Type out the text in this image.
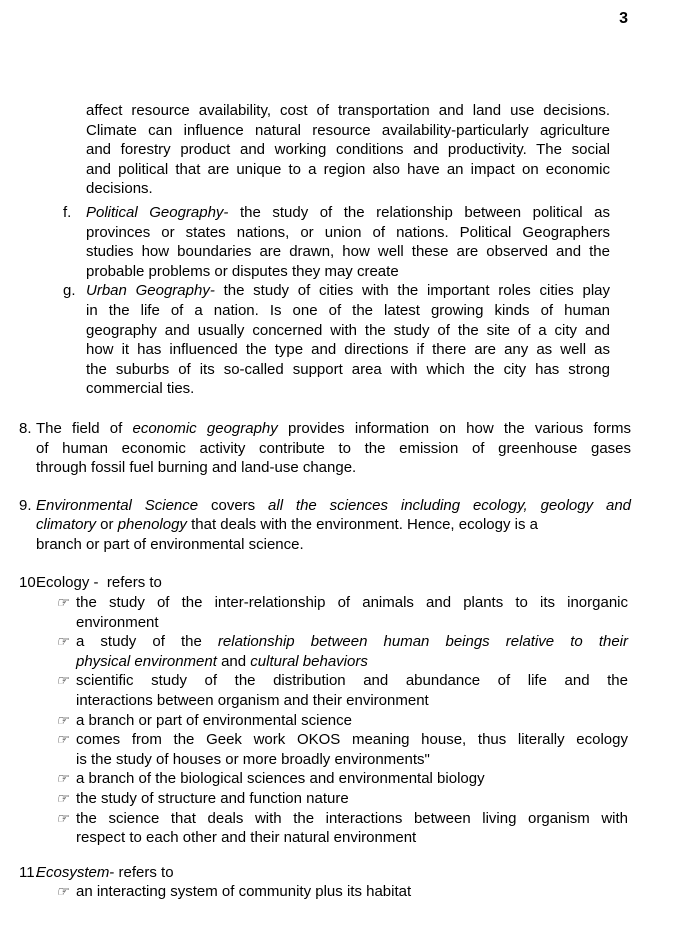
3
affect resource availability, cost of transportation and land use decisions.
Climate can influence natural resource availability-particularly agriculture
and forestry product and working conditions and productivity. The social
and political that are unique to a region also have an impact on economic
decisions.
f. Political Geography- the study of the relationship between political as
provinces or states nations, or union of nations. Political Geographers
studies how boundaries are drawn, how well these are observed and the
probable problems or disputes they may create
g. Urban Geography- the study of cities with the important roles cities play
in the life of a nation. Is one of the latest growing kinds of human
geography and usually concerned with the study of the site of a city and
how it has influenced the type and directions if there are any as well as
the suburbs of its so-called support area with which the city has strong
commercial ties.
8. The field of economic geography provides information on how the various forms
of human economic activity contribute to the emission of greenhouse gases
through fossil fuel burning and land-use change.
9. Environmental Science covers all the sciences including ecology, geology and
climatory or phenology that deals with the environment. Hence, ecology is a
branch or part of environmental science.
10.Ecology -  refers to
☞ the study of the inter-relationship of animals and plants to its inorganic
environment
☞ a study of the relationship between human beings relative to their
physical environment and cultural behaviors
☞ scientific study of the distribution and abundance of life and the
interactions between organism and their environment
☞ a branch or part of environmental science
☞ comes from the Geek work OKOS meaning house, thus literally ecology
is the study of houses or more broadly environments"
☞ a branch of the biological sciences and environmental biology
☞ the study of structure and function nature
☞ the science that deals with the interactions between living organism with
respect to each other and their natural environment
11.Ecosystem- refers to
☞ an interacting system of community plus its habitat
